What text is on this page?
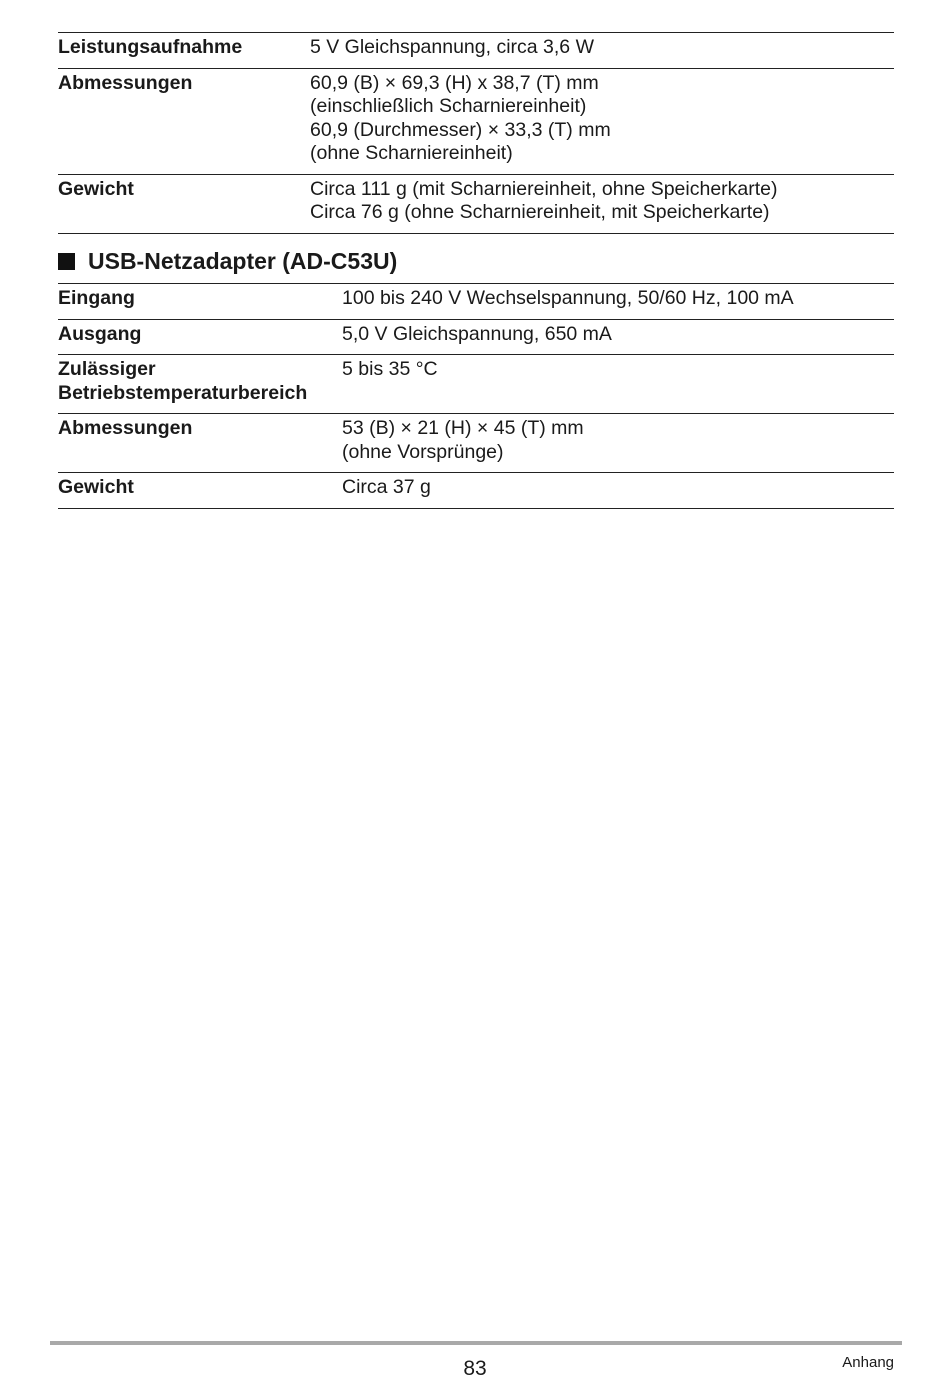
Leistungsaufnahme	5 V Gleichspannung, circa 3,6 W

Abmessungen	60,9 (B) × 69,3 (H) x 38,7 (T) mm
(einschließlich Scharniereinheit)
60,9 (Durchmesser) × 33,3 (T) mm
(ohne Scharniereinheit)

Gewicht	Circa 111 g (mit Scharniereinheit, ohne Speicherkarte)
Circa 76 g (ohne Scharniereinheit, mit Speicherkarte)
USB-Netzadapter (AD-C53U)
Eingang	100 bis 240 V Wechselspannung, 50/60 Hz, 100 mA

Ausgang	5,0 V Gleichspannung, 650 mA

Zulässiger
Betriebstemperaturbereich	5 bis 35 °C

Abmessungen	53 (B) × 21 (H) × 45 (T) mm
(ohne Vorsprünge)

Gewicht	Circa 37 g
83	Anhang
